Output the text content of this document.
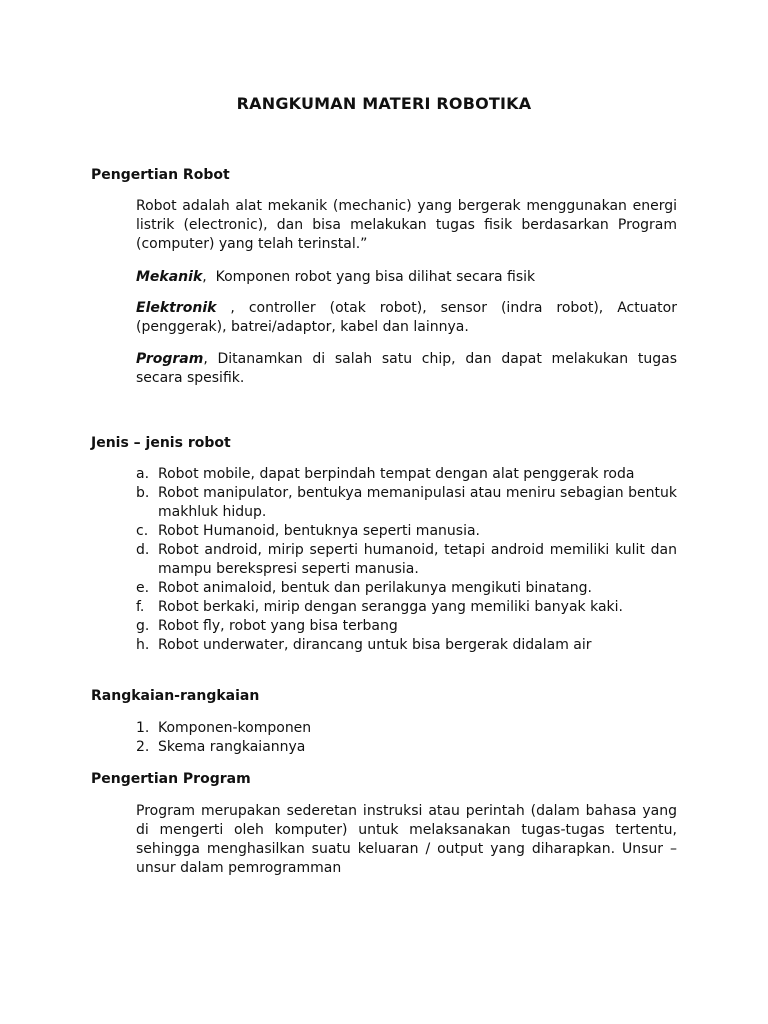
RANGKUMAN MATERI ROBOTIKA
Pengertian Robot
Robot adalah alat mekanik (mechanic) yang bergerak menggunakan energi listrik (electronic), dan bisa melakukan tugas fisik berdasarkan Program (computer) yang telah terinstal.”
Mekanik,  Komponen robot yang bisa dilihat secara fisik
Elektronik , controller (otak robot), sensor (indra robot), Actuator (penggerak), batrei/adaptor, kabel dan lainnya.
Program, Ditanamkan di salah satu chip, dan dapat melakukan tugas secara spesifik.
Jenis – jenis robot
a. Robot mobile, dapat berpindah tempat dengan alat penggerak roda
b. Robot manipulator, bentukya memanipulasi atau meniru sebagian bentuk makhluk hidup.
c. Robot Humanoid, bentuknya seperti manusia.
d. Robot android, mirip seperti humanoid, tetapi android memiliki kulit dan mampu berekspresi seperti manusia.
e. Robot animaloid, bentuk dan perilakunya mengikuti binatang.
f. Robot berkaki, mirip dengan serangga yang memiliki banyak kaki.
g. Robot fly, robot yang bisa terbang
h. Robot underwater, dirancang untuk bisa bergerak didalam air
Rangkaian-rangkaian
1. Komponen-komponen
2. Skema rangkaiannya
Pengertian Program
Program merupakan sederetan instruksi atau perintah (dalam bahasa yang di mengerti oleh komputer) untuk melaksanakan tugas-tugas tertentu, sehingga menghasilkan suatu keluaran / output yang diharapkan. Unsur – unsur dalam pemrogramman
